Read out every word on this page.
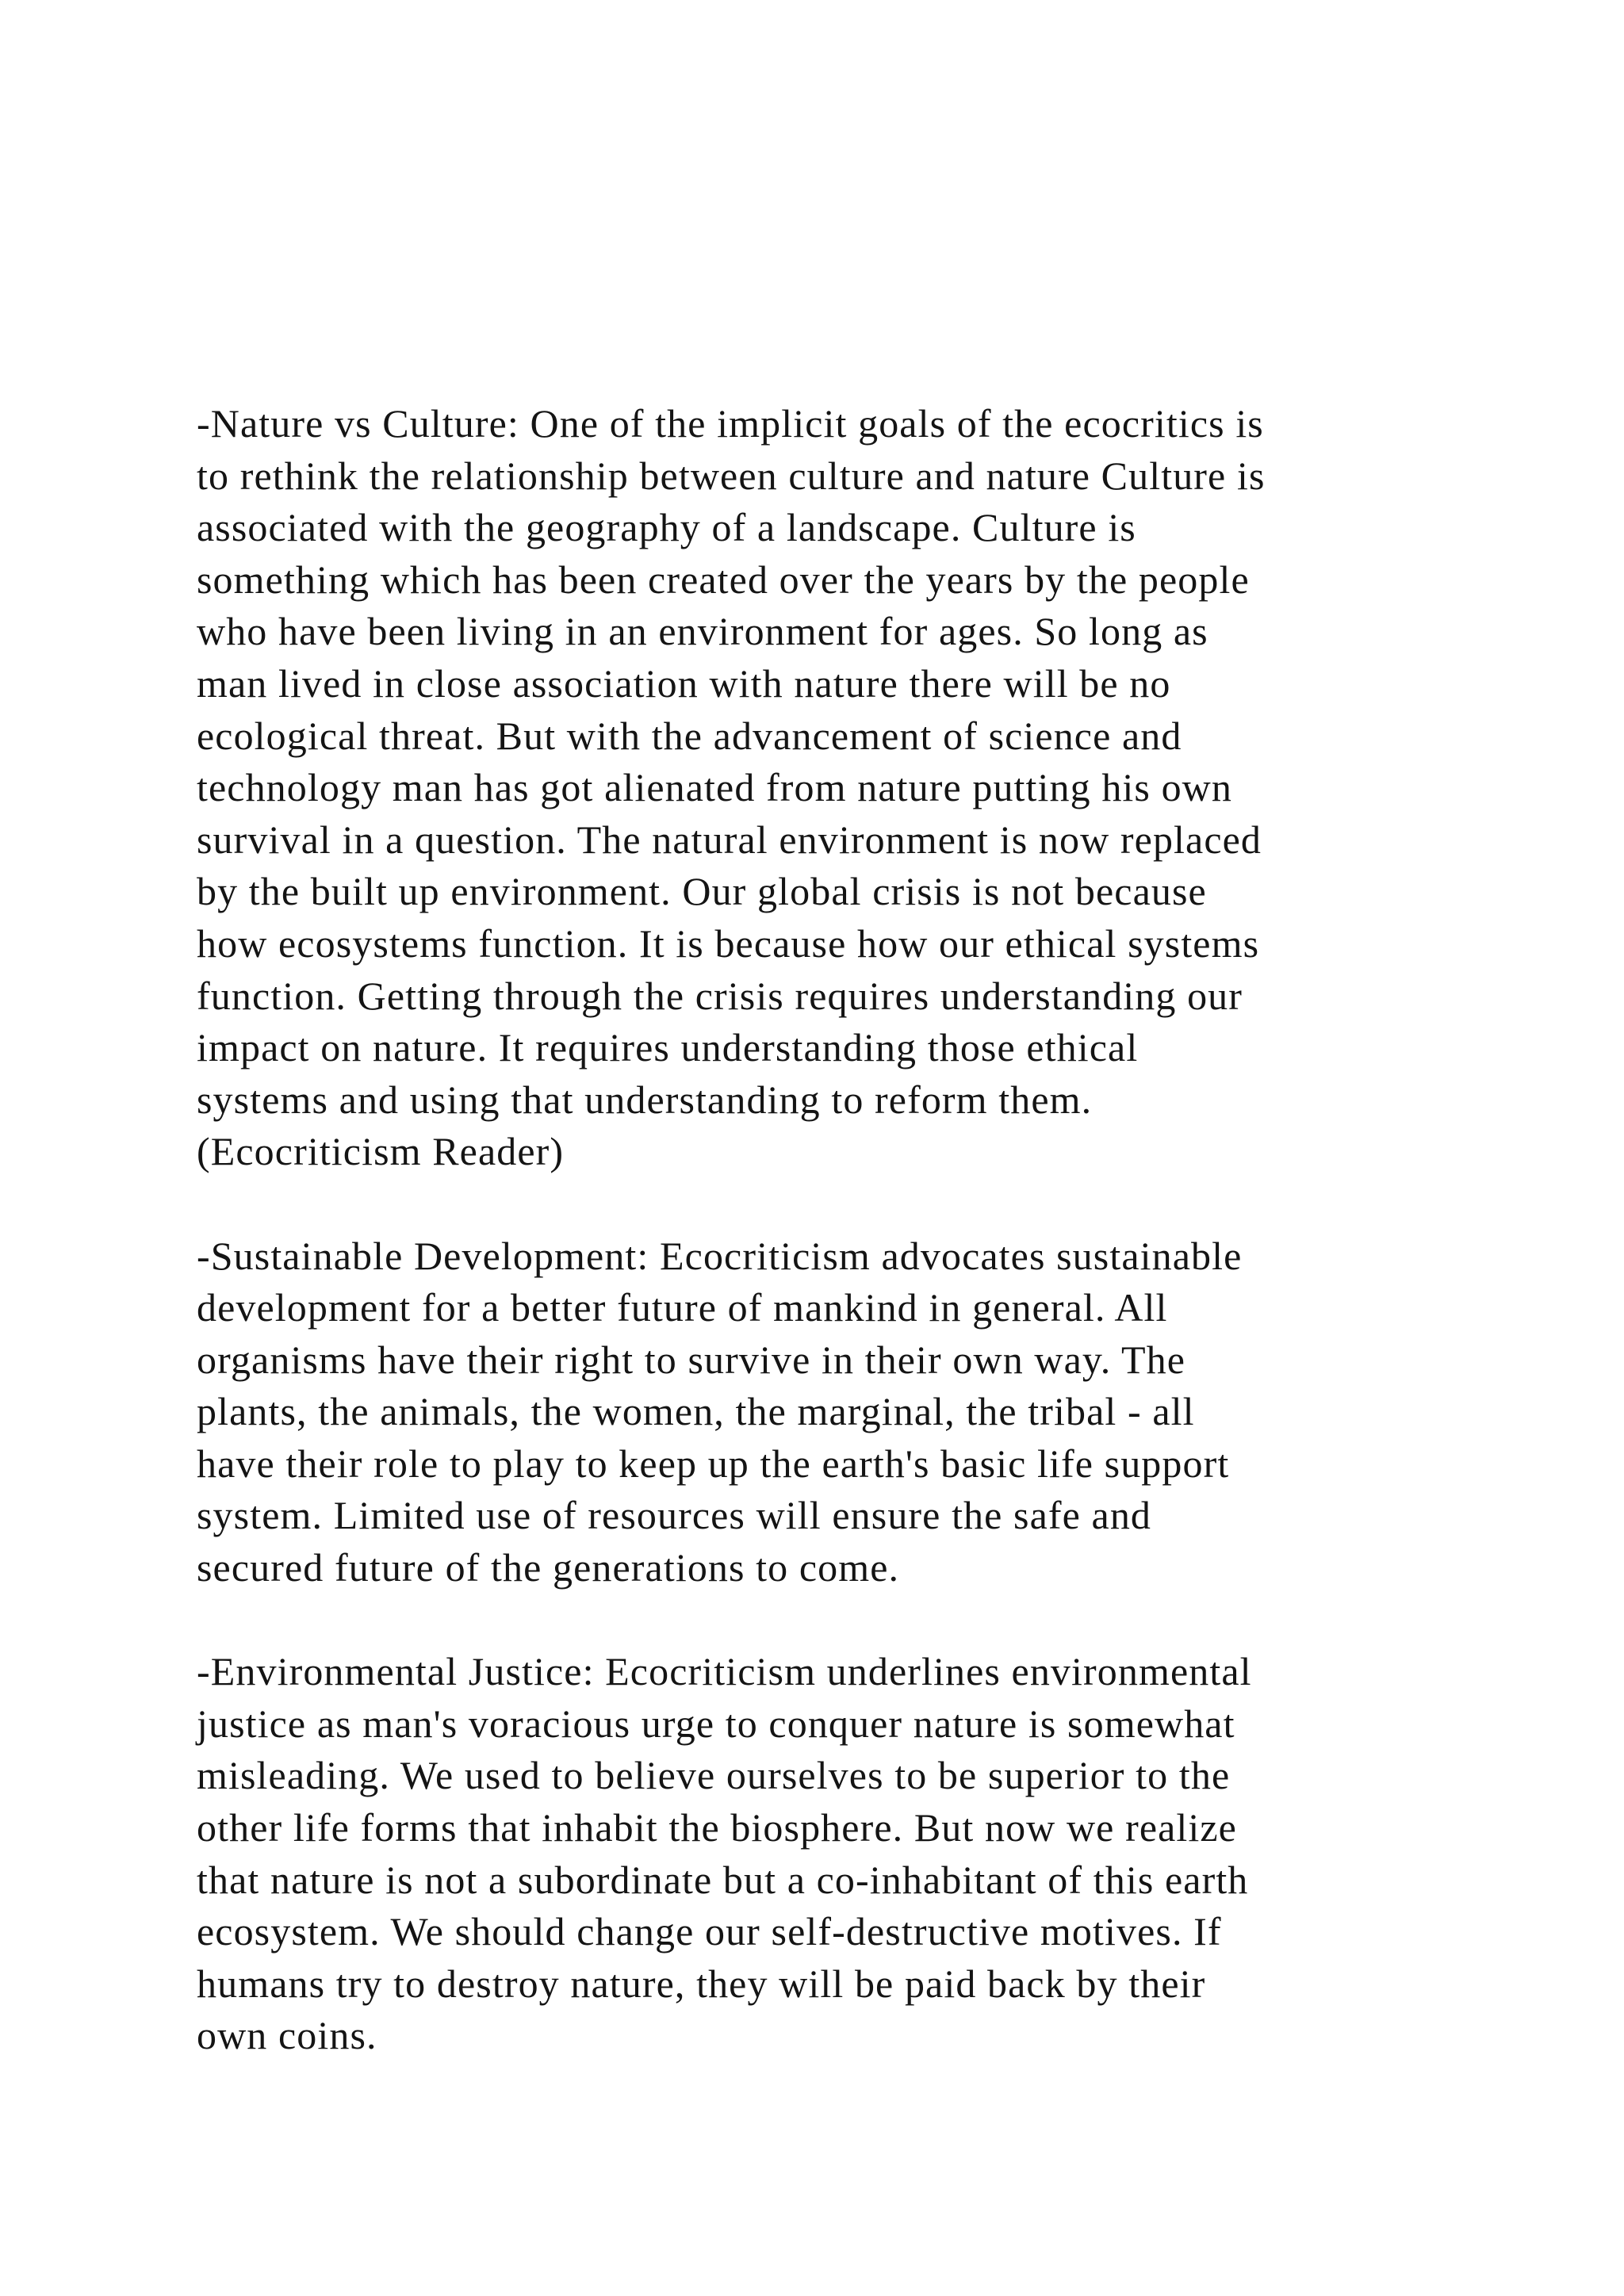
-Nature vs Culture: One of the implicit goals of the ecocritics is
to rethink the relationship between culture and nature Culture is
associated with the geography of a landscape. Culture is
something which has been created over the years by the people
who have been living in an environment for ages. So long as
man lived in close association with nature there will be no
ecological threat. But with the advancement of science and
technology man has got alienated from nature putting his own
survival in a question. The natural environment is now replaced
by the built up environment. Our global crisis is not because
how ecosystems function. It is because how our ethical systems
function. Getting through the crisis requires understanding our
impact on nature. It requires understanding those ethical
systems and using that understanding to reform them.
(Ecocriticism Reader)

-Sustainable Development: Ecocriticism advocates sustainable
development for a better future of mankind in general. All
organisms have their right to survive in their own way. The
plants, the animals, the women, the marginal, the tribal - all
have their role to play to keep up the earth's basic life support
system. Limited use of resources will ensure the safe and
secured future of the generations to come.

-Environmental Justice: Ecocriticism underlines environmental
justice as man's voracious urge to conquer nature is somewhat
misleading. We used to believe ourselves to be superior to the
other life forms that inhabit the biosphere. But now we realize
that nature is not a subordinate but a co-inhabitant of this earth
ecosystem. We should change our self-destructive motives. If
humans try to destroy nature, they will be paid back by their
own coins.
